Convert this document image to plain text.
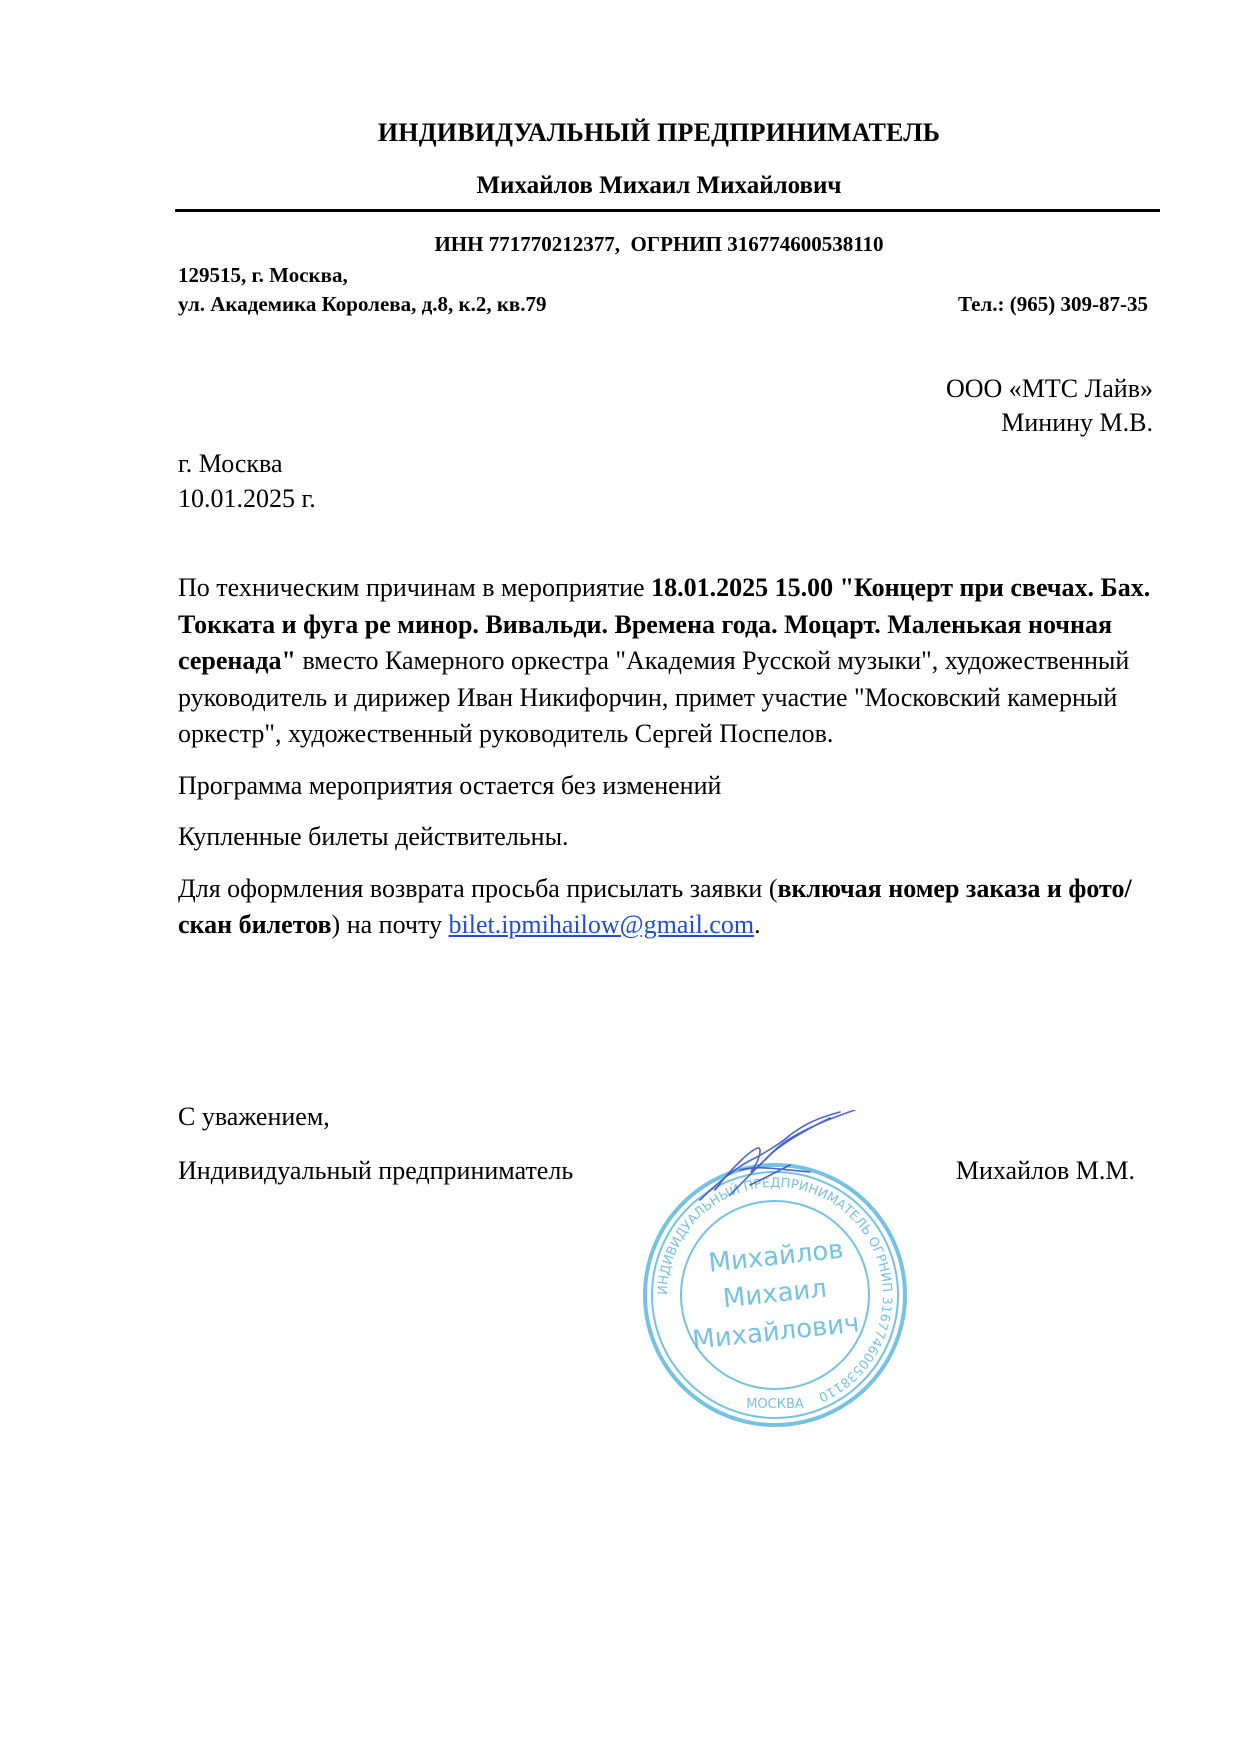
ИНДИВИДУАЛЬНЫЙ ПРЕДПРИНИМАТЕЛЬ
Михайлов Михаил Михайлович
ИНН 771770212377,  ОГРНИП 316774600538110
129515, г. Москва,
ул. Академика Королева, д.8, к.2, кв.79	Тел.: (965) 309-87-35
ООО «МТС Лайв»
Минину М.В.
г. Москва
10.01.2025 г.

По техническим причинам в мероприятие 18.01.2025 15.00 "Концерт при свечах. Бах. Токката и фуга ре минор. Вивальди. Времена года. Моцарт. Маленькая ночная серенада" вместо Камерного оркестра "Академия Русской музыки", художественный руководитель и дирижер Иван Никифорчин, примет участие "Московский камерный оркестр", художественный руководитель Сергей Поспелов.

Программа мероприятия остается без изменений

Купленные билеты действительны.

Для оформления возврата просьба присылать заявки (включая номер заказа и фото/скан билетов) на почту bilet.ipmihailow@gmail.com.

С уважением,
Индивидуальный предприниматель	Михайлов М.М.
ИНДИВИДУАЛЬНЫЙ ПРЕДПРИНИМАТЕЛЬ ОГРНИП 316774600538110
МОСКВА
Михайлов
Михаил
Михайлович
